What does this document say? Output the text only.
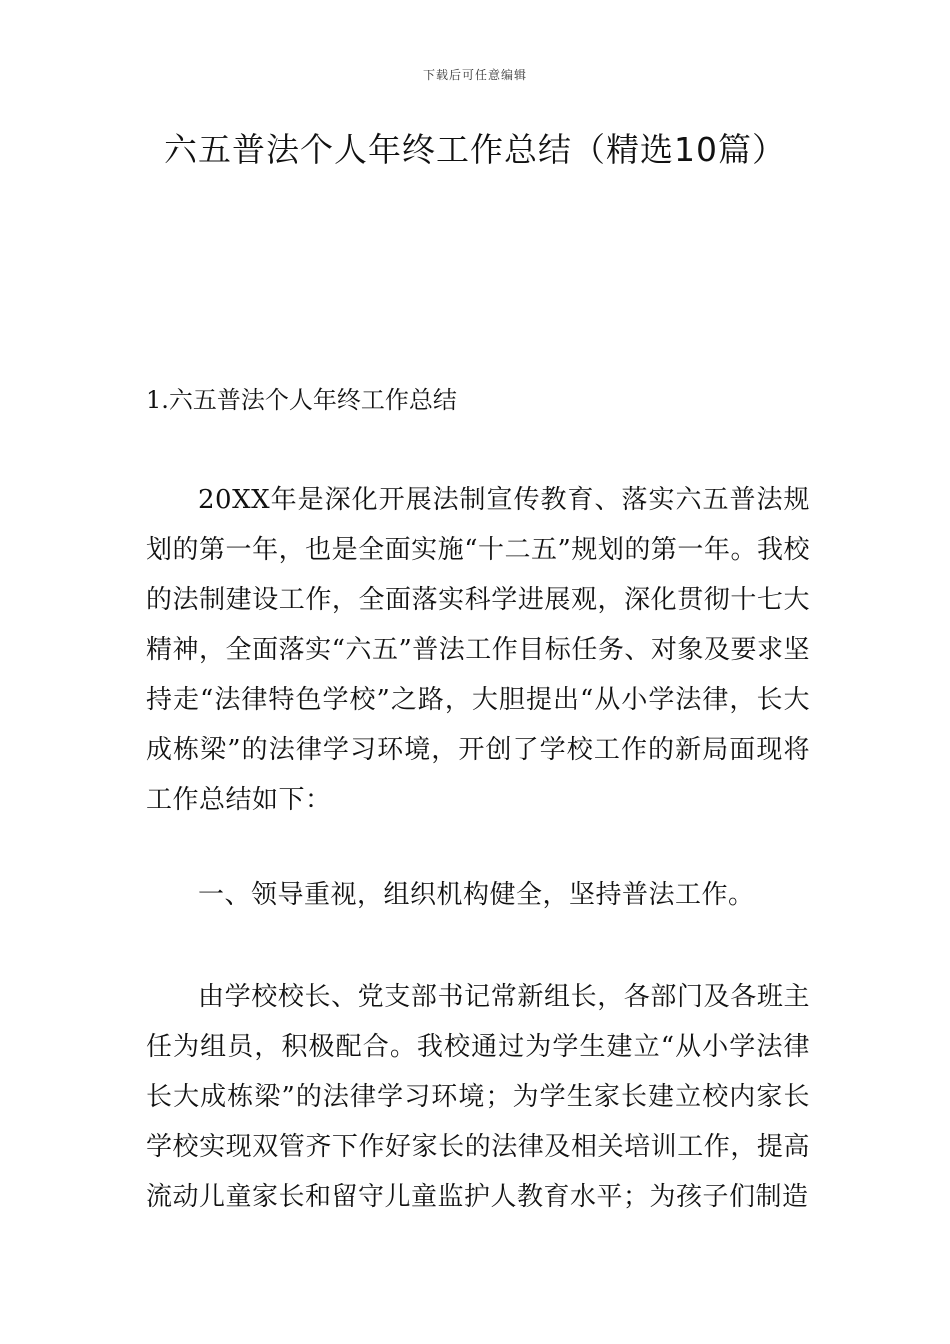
下载后可任意编辑
六五普法个人年终工作总结（精选10篇）
1.六五普法个人年终工作总结

20XX年是深化开展法制宣传教育、落实六五普法规划的第一年，也是全面实施“十二五”规划的第一年。我校的法制建设工作，全面落实科学进展观，深化贯彻十七大精神，全面落实“六五”普法工作目标任务、对象及要求坚持走“法律特色学校”之路，大胆提出“从小学法律，长大成栋梁”的法律学习环境，开创了学校工作的新局面现将工作总结如下：

一、领导重视，组织机构健全，坚持普法工作。

由学校校长、党支部书记常新组长，各部门及各班主任为组员，积极配合。我校通过为学生建立“从小学法律长大成栋梁”的法律学习环境；为学生家长建立校内家长学校实现双管齐下作好家长的法律及相关培训工作，提高流动儿童家长和留守儿童监护人教育水平；为孩子们制造
